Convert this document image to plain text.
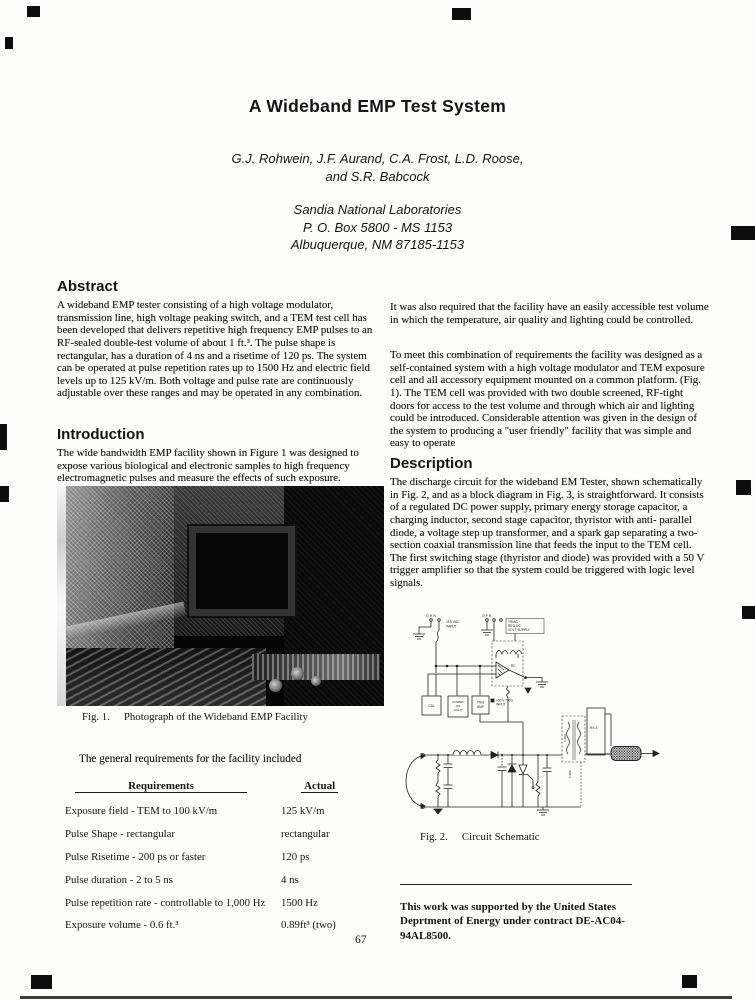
A Wideband EMP Test System
G.J. Rohwein, J.F. Aurand, C.A. Frost, L.D. Roose,
and S.R. Babcock
Sandia National Laboratories
P. O. Box 5800 - MS 1153
Albuquerque, NM 87185-1153
Abstract
A wideband EMP tester consisting of a high voltage modulator, transmission line, high voltage peaking switch, and a TEM test cell has been developed that delivers repetitive high frequency EMP pulses to an RF-sealed double-test volume of about 1 ft.³. The pulse shape is rectangular, has a duration of 4 ns and a risetime of 120 ps. The system can be operated at pulse repetition rates up to 1500 Hz and electric field levels up to 125 kV/m. Both voltage and pulse rate are continuously adjustable over these ranges and may be operated in any combination.
Introduction
The wide bandwidth EMP facility shown in Figure 1 was designed to expose various biological and electronic samples to high frequency electromagnetic pulses and measure the effects of such exposure.
Fig. 1. Photograph of the Wideband EMP Facility
The general requirements for the facility included
Requirements	Actual
Exposure field - TEM to 100 kV/m	125 kV/m
Pulse Shape - rectangular	rectangular
Pulse Risetime - 200 ps or faster	120 ps
Pulse duration - 2 to 5 ns	4 ns
Pulse repetition rate - controllable to 1,000 Hz	1500 Hz
Exposure volume - 0.6 ft.³	0.89ft³ (two)
It was also required that the facility have an easily accessible test volume in which the temperature, air quality and lighting could be controlled.
To meet this combination of requirements the facility was designed as a self-contained system with a high voltage modulator and TEM exposure cell and all accessory equipment mounted on a common platform. (Fig. 1). The TEM cell was provided with two double screened, RF-tight doors for access to the test volume and through which air and lighting could be introduced. Considerable attention was given in the design of the system to producing a "user friendly" facility that was simple and easy to operate
Description
The discharge circuit for the wideband EM Tester, shown schematically in Fig. 2, and as a block diagram in Fig. 3, is straightforward. It consists of a regulated DC power supply, primary energy storage capacitor, a charging inductor, second stage capacitor, thyristor with anti- parallel diode, a voltage step up transformer, and a spark gap separating a two-section coaxial transmission line that feeds the input to the TEM cell. The first switching stage (thyristor and diode) was provided with a 50 V trigger amplifier so that the system could be triggered with logic level signals.
G H N
115 VAC
INPUT
O F B
TRIAC
REG DC
VOLT SUPPLY
RC
CAL
POWER
ON
LIGHT
TRIG
AMP
+50 V TRIG
INPUT
RX-1
0.689
0.650
Fig. 2. Circuit Schematic
This work was supported by the United States Deprtment of Energy under contract DE-AC04-94AL8500.
67
